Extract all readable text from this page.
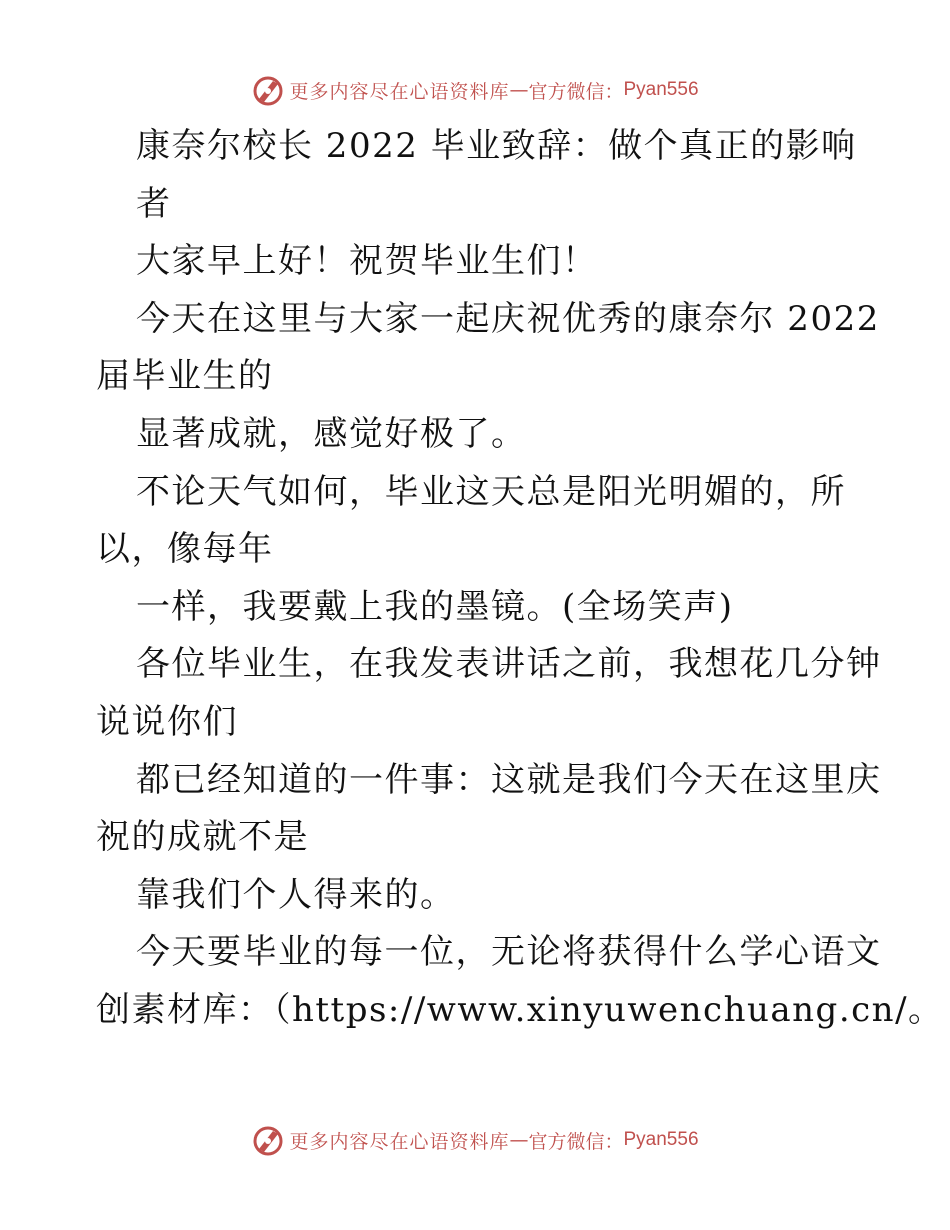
更多内容尽在心语资料库 — 官方微信： Pyan556

康奈尔校长 2022 毕业致辞：做个真正的影响

者

大家早上好！祝贺毕业生们！

今天在这里与大家一起庆祝优秀的康奈尔 2022

届毕业生的

显著成就，感觉好极了。

不论天气如何，毕业这天总是阳光明媚的，所

以，像每年

一样，我要戴上我的墨镜。(全场笑声)

各位毕业生，在我发表讲话之前，我想花几分钟

说说你们

都已经知道的一件事：这就是我们今天在这里庆

祝的成就不是

靠我们个人得来的。

今天要毕业的每一位，无论将获得什么学心语文

创素材库：（https://www.xinyuwenchuang.cn/。

更多内容尽在心语资料库 — 官方微信： Pyan556
